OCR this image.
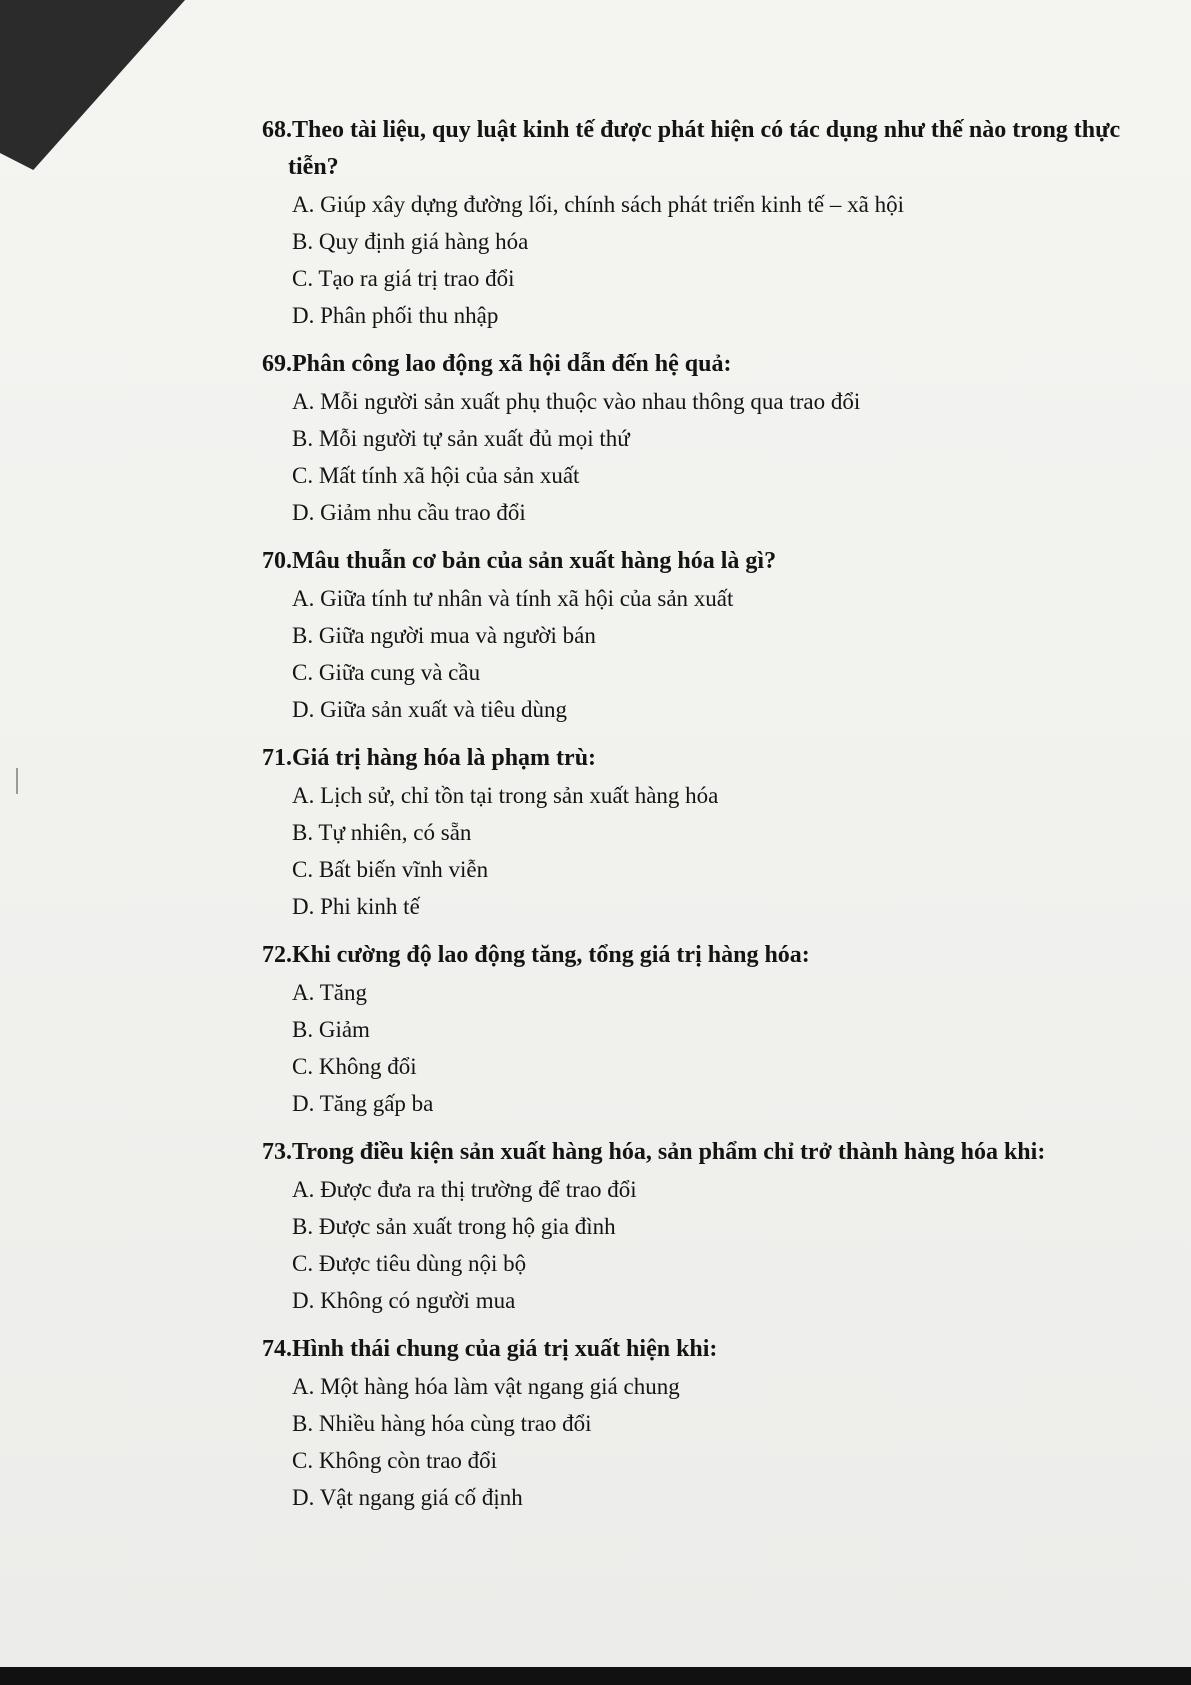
68.Theo tài liệu, quy luật kinh tế được phát hiện có tác dụng như thế nào trong thực tiễn?

A. Giúp xây dựng đường lối, chính sách phát triển kinh tế – xã hội
B. Quy định giá hàng hóa
C. Tạo ra giá trị trao đổi
D. Phân phối thu nhập

69.Phân công lao động xã hội dẫn đến hệ quả:

A. Mỗi người sản xuất phụ thuộc vào nhau thông qua trao đổi
B. Mỗi người tự sản xuất đủ mọi thứ
C. Mất tính xã hội của sản xuất
D. Giảm nhu cầu trao đổi

70.Mâu thuẫn cơ bản của sản xuất hàng hóa là gì?

A. Giữa tính tư nhân và tính xã hội của sản xuất
B. Giữa người mua và người bán
C. Giữa cung và cầu
D. Giữa sản xuất và tiêu dùng

71.Giá trị hàng hóa là phạm trù:

A. Lịch sử, chỉ tồn tại trong sản xuất hàng hóa
B. Tự nhiên, có sẵn
C. Bất biến vĩnh viễn
D. Phi kinh tế

72.Khi cường độ lao động tăng, tổng giá trị hàng hóa:

A. Tăng
B. Giảm
C. Không đổi
D. Tăng gấp ba

73.Trong điều kiện sản xuất hàng hóa, sản phẩm chỉ trở thành hàng hóa khi:

A. Được đưa ra thị trường để trao đổi
B. Được sản xuất trong hộ gia đình
C. Được tiêu dùng nội bộ
D. Không có người mua

74.Hình thái chung của giá trị xuất hiện khi:

A. Một hàng hóa làm vật ngang giá chung
B. Nhiều hàng hóa cùng trao đổi
C. Không còn trao đổi
D. Vật ngang giá cố định
